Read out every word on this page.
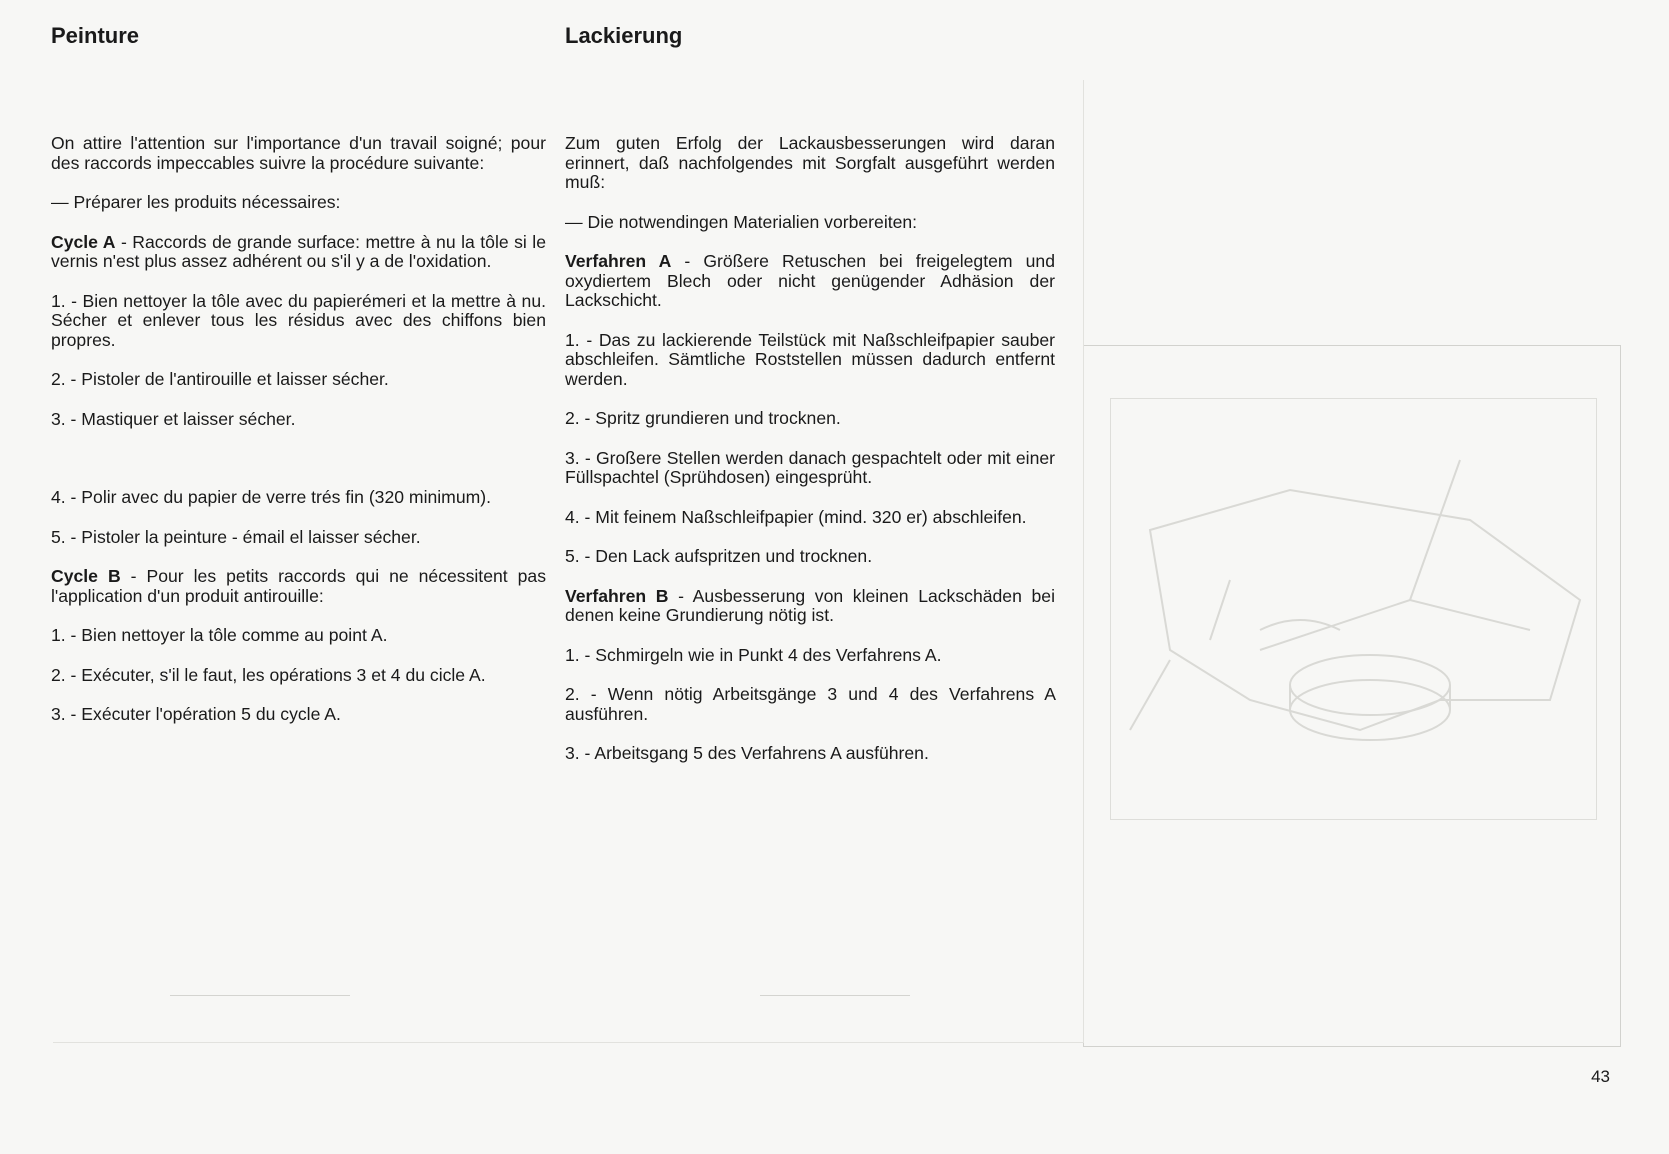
Peinture

On attire l'attention sur l'importance d'un travail soigné; pour des raccords impeccables suivre la procédure suivante:

— Préparer les produits nécessaires:

Cycle A - Raccords de grande surface: mettre à nu la tôle si le vernis n'est plus assez adhérent ou s'il y a de l'oxidation.

1. - Bien nettoyer la tôle avec du papierémeri et la mettre à nu. Sécher et enlever tous les résidus avec des chiffons bien propres.

2. - Pistoler de l'antirouille et laisser sécher.

3. - Mastiquer et laisser sécher.

4. - Polir avec du papier de verre trés fin (320 minimum).

5. - Pistoler la peinture - émail el laisser sécher.

Cycle B - Pour les petits raccords qui ne nécessitent pas l'application d'un produit antirouille:

1. - Bien nettoyer la tôle comme au point A.

2. - Exécuter, s'il le faut, les opérations 3 et 4 du cicle A.

3. - Exécuter l'opération 5 du cycle A.

Lackierung

Zum guten Erfolg der Lackausbesserungen wird daran erinnert, daß nachfolgendes mit Sorgfalt ausgeführt werden muß:

— Die notwendingen Materialien vorbereiten:

Verfahren A - Größere Retuschen bei freigelegtem und oxydiertem Blech oder nicht genügender Adhäsion der Lackschicht.

1. - Das zu lackierende Teilstück mit Naßschleifpapier sauber abschleifen. Sämtliche Roststellen müssen dadurch entfernt werden.

2. - Spritz grundieren und trocknen.

3. - Großere Stellen werden danach gespachtelt oder mit einer Füllspachtel (Sprühdosen) eingesprüht.

4. - Mit feinem Naßschleifpapier (mind. 320 er) abschleifen.

5. - Den Lack aufspritzen und trocknen.

Verfahren B - Ausbesserung von kleinen Lackschäden bei denen keine Grundierung nötig ist.

1. - Schmirgeln wie in Punkt 4 des Verfahrens A.

2. - Wenn nötig Arbeitsgänge 3 und 4 des Verfahrens A ausführen.

3. - Arbeitsgang 5 des Verfahrens A ausführen.

43
